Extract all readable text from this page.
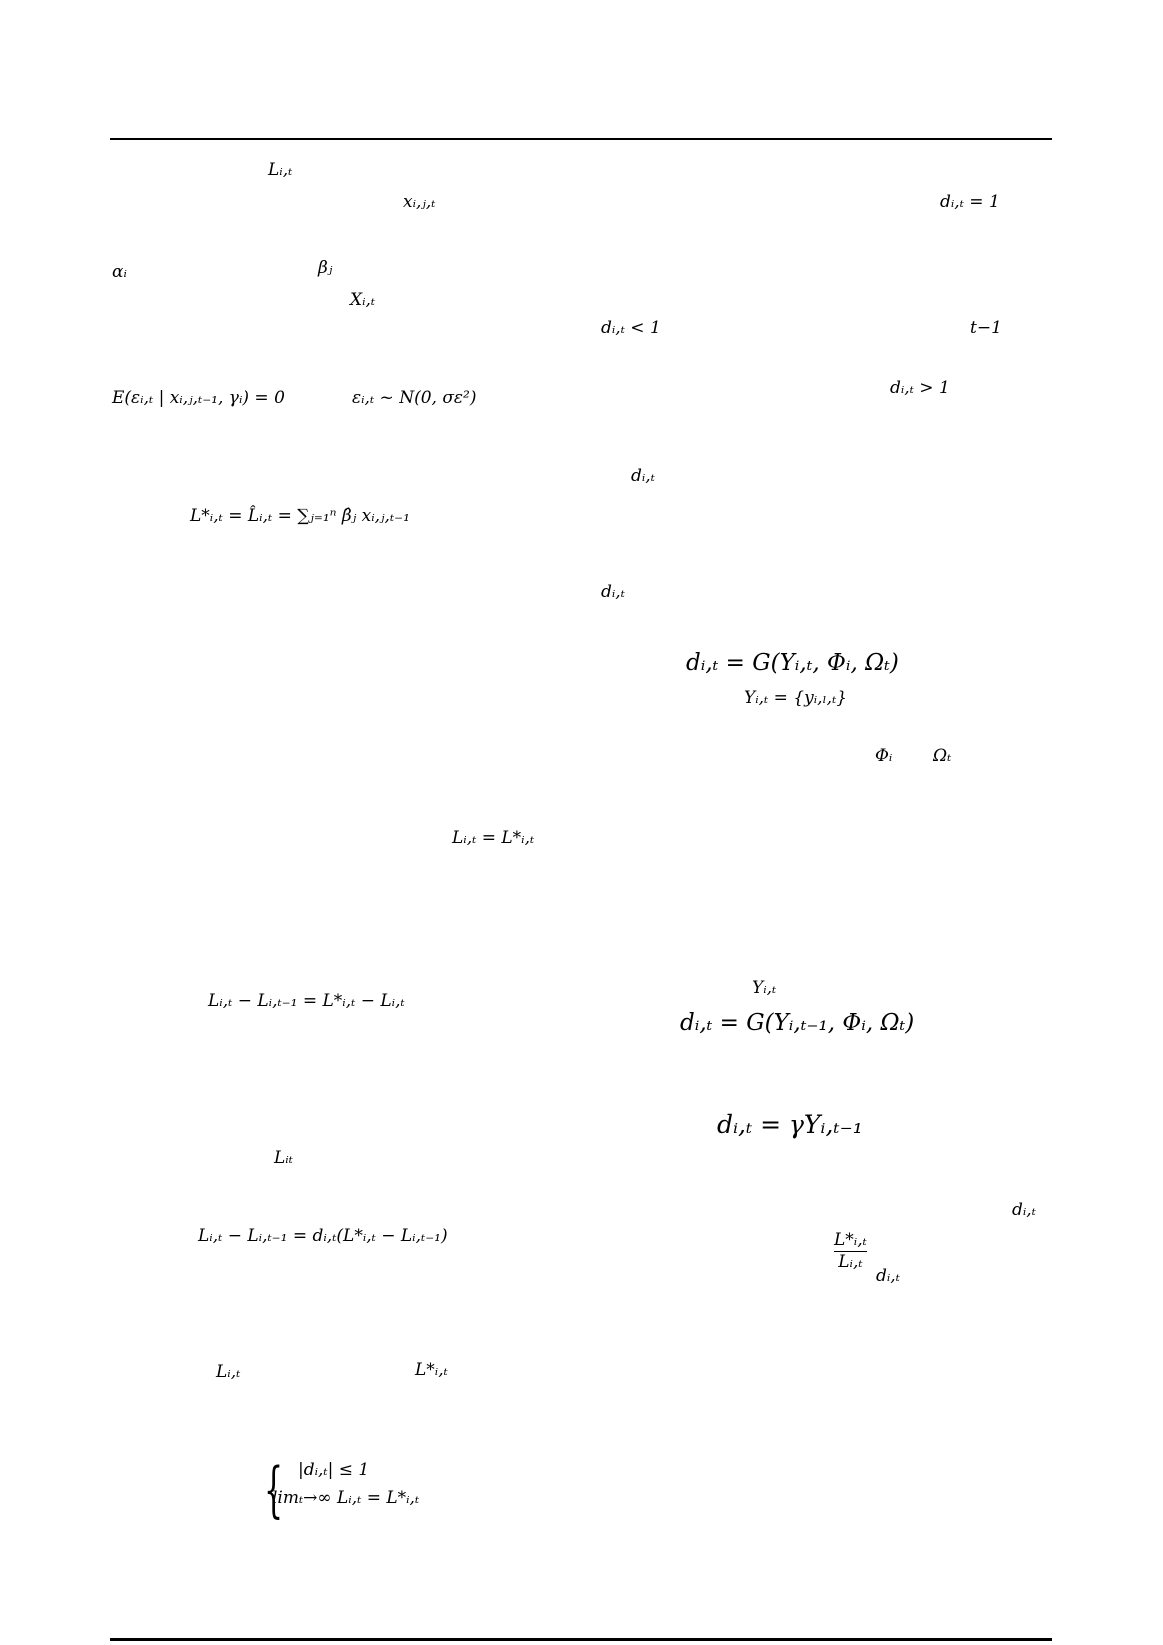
Lᵢ,ₜ
xᵢ,ⱼ,ₜ	dᵢ,ₜ = 1
αᵢ	βⱼ
Xᵢ,ₜ
dᵢ,ₜ < 1	t−1
E(εᵢ,ₜ | xᵢ,ⱼ,ₜ₋₁, γᵢ) = 0	εᵢ,ₜ ~ N(0, σε²)	dᵢ,ₜ > 1
dᵢ,ₜ
L*ᵢ,ₜ = L̂ᵢ,ₜ = ∑ⱼ₌₁ⁿ β̂ⱼ xᵢ,ⱼ,ₜ₋₁
dᵢ,ₜ
dᵢ,ₜ = G(Yᵢ,ₜ, Φᵢ, Ωₜ)
Yᵢ,ₜ = {yᵢ,ₗ,ₜ}
Φᵢ Ωₜ
Lᵢ,ₜ = L*ᵢ,ₜ
Yᵢ,ₜ
Lᵢ,ₜ − Lᵢ,ₜ₋₁ = L*ᵢ,ₜ − Lᵢ,ₜ
dᵢ,ₜ = G(Yᵢ,ₜ₋₁, Φᵢ, Ωₜ)
dᵢ,ₜ = γYᵢ,ₜ₋₁
Lᵢₜ
Lᵢ,ₜ − Lᵢ,ₜ₋₁ = dᵢ,ₜ(L*ᵢ,ₜ − Lᵢ,ₜ₋₁)
dᵢ,ₜ
L*ᵢ,ₜ
Lᵢ,ₜ
dᵢ,ₜ
Lᵢ,ₜ	L*ᵢ,ₜ
{ |dᵢ,ₜ| ≤ 1
limₜ→∞ Lᵢ,ₜ = L*ᵢ,ₜ
